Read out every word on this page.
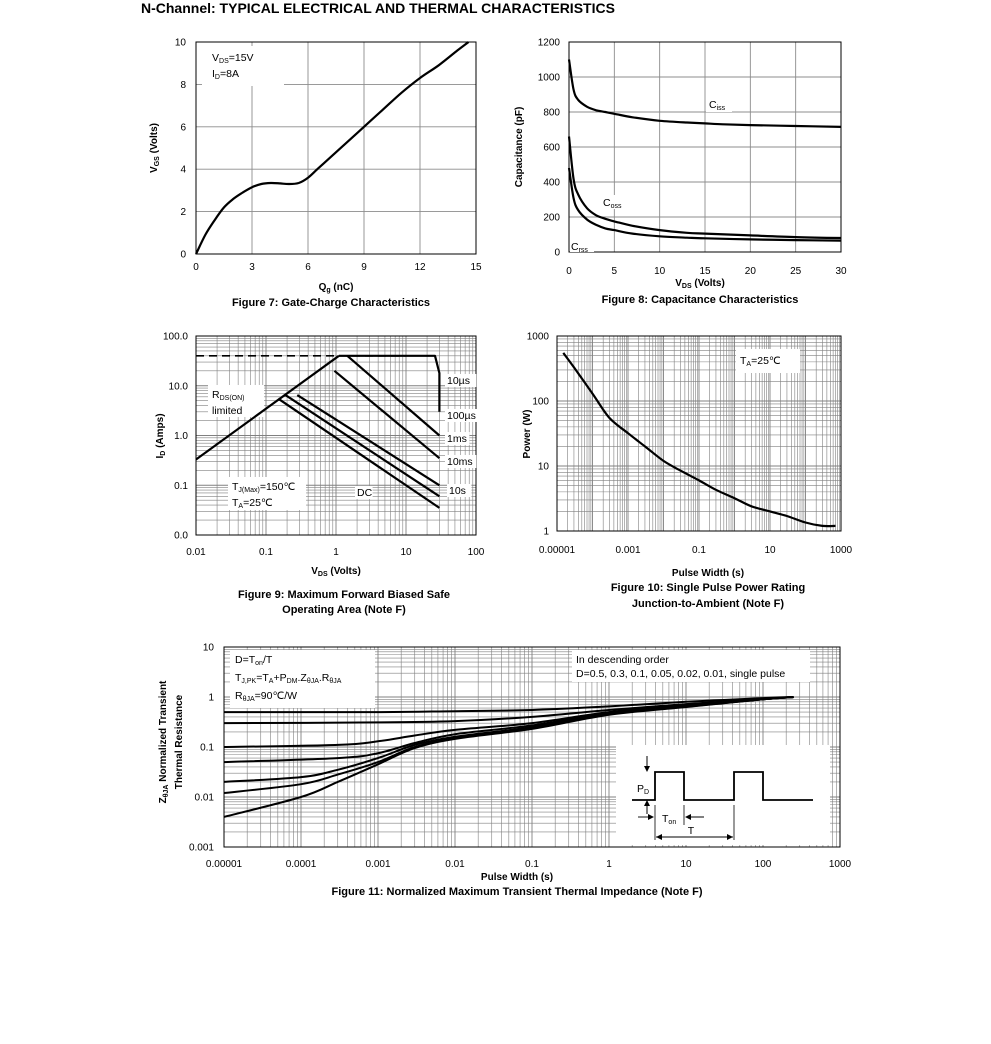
N-Channel: TYPICAL ELECTRICAL AND THERMAL CHARACTERISTICS
0	3	6	9	12	15
0
2
4
6
8
10
VDS=15V
ID=8A
$Q_g$ (nC)
$V_{GS}$ (Volts)
Figure 7: Gate-Charge Characteristics
0	5	10	15	20	25	30
0
200
400
600
800
1000
1200
Ciss
Coss
Crss
$V_{DS}$ (Volts)
Capacitance (pF)
Figure 8: Capacitance Characteristics
0.01	0.1	1	10	100
0.0
0.1
1.0
10.0
100.0
10µs
100µs
1ms
10ms
10s
DC
RDS(ON)
limited
TJ(Max)=150℃
TA=25℃
$V_{DS}$ (Volts)
$I_D$ (Amps)
Figure 9: Maximum Forward Biased Safe
Operating Area (Note F)
0.00001	0.001	0.1	10	1000
1
10
100
1000
TA=25℃
Pulse Width (s)
Power (W)
Figure 10: Single Pulse Power Rating
Junction-to-Ambient (Note F)
0.00001	0.0001	0.001	0.01	0.1	1	10	100	1000
0.001
0.01
0.1
1
10
D=Ton/T
TJ,PK=TA+PDM.ZθJA.RθJA
RθJA=90℃/W
In descending order
D=0.5, 0.3, 0.1, 0.05, 0.02, 0.01, single pulse
PD
Ton
T
Pulse Width (s)
$Z_{\theta JA}$ Normalized Transient Thermal Resistance
Figure 11: Normalized Maximum Transient Thermal Impedance (Note F)
